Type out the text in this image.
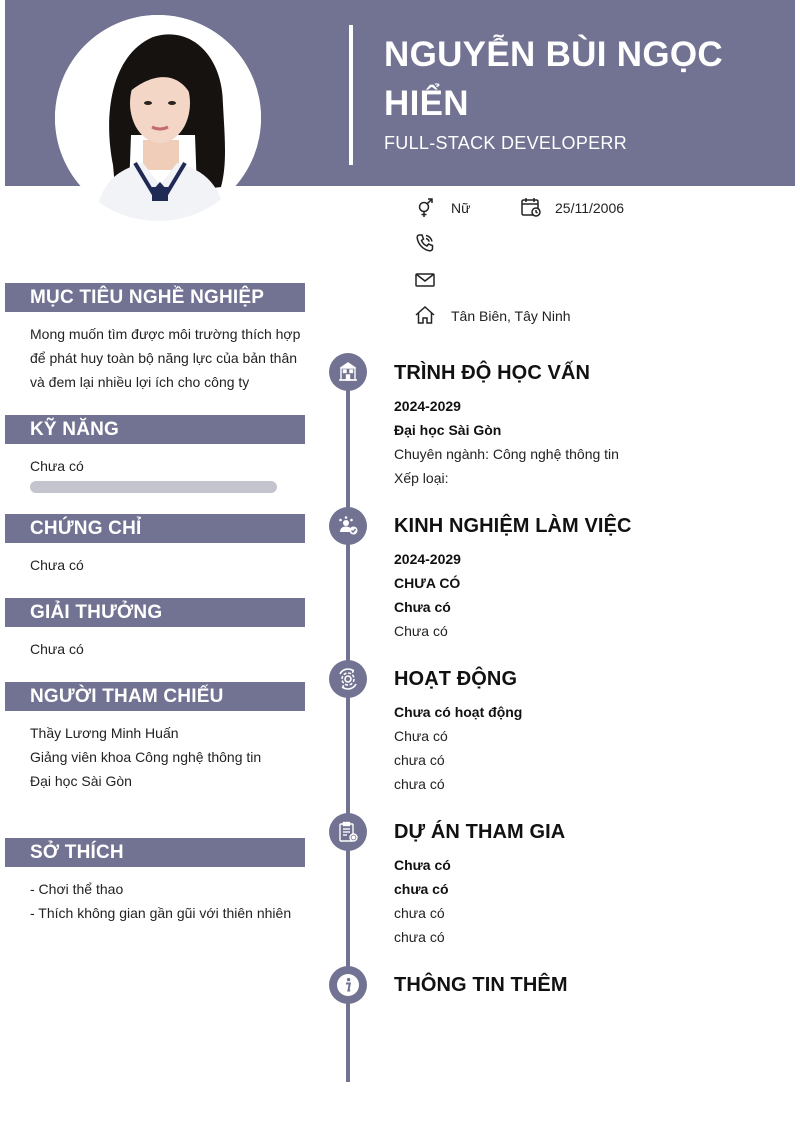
NGUYỄN BÙI NGỌC HIỂN
FULL-STACK DEVELOPERR
Nữ	25/11/2006
Tân Biên, Tây Ninh
MỤC TIÊU NGHỀ NGHIỆP
Mong muốn tìm được môi trường thích hợp
để phát huy toàn bộ năng lực của bản thân
và đem lại nhiều lợi ích cho công ty
KỸ NĂNG
Chưa có
CHỨNG CHỈ
Chưa có
GIẢI THƯỞNG
Chưa có
NGƯỜI THAM CHIẾU
Thầy Lương Minh Huấn
Giảng viên khoa Công nghệ thông tin
Đại học Sài Gòn
SỞ THÍCH
- Chơi thể thao
- Thích không gian gần gũi với thiên nhiên
TRÌNH ĐỘ HỌC VẤN
2024-2029
Đại học Sài Gòn
Chuyên ngành: Công nghệ thông tin
Xếp loại:
KINH NGHIỆM LÀM VIỆC
2024-2029
CHƯA CÓ
Chưa có
Chưa có
HOẠT ĐỘNG
Chưa có hoạt động
Chưa có
chưa có
chưa có
DỰ ÁN THAM GIA
Chưa có
chưa có
chưa có
chưa có
THÔNG TIN THÊM
